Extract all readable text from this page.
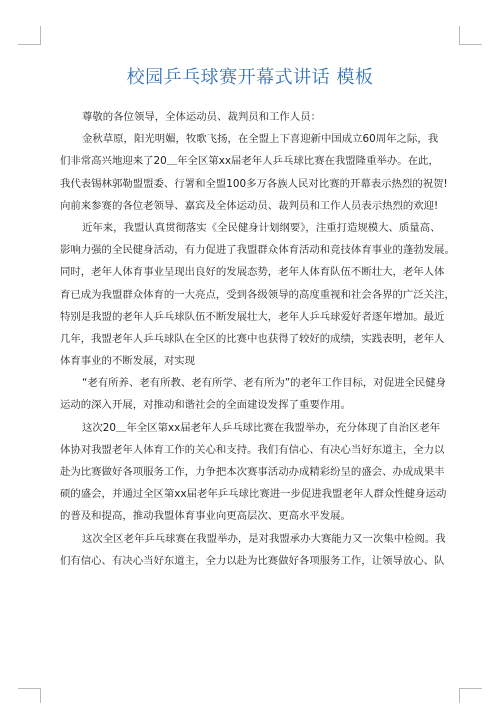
校园乒乓球赛开幕式讲话 模板
尊敬的各位领导，全体运动员、裁判员和工作人员：
金秋草原，阳光明媚，牧歌飞扬，在全盟上下喜迎新中国成立60周年之际，我
们非常高兴地迎来了20＿年全区第xx届老年人乒乓球比赛在我盟隆重举办。在此，
我代表锡林郭勒盟盟委、行署和全盟100多万各族人民对比赛的开幕表示热烈的祝贺!
向前来参赛的各位老领导、嘉宾及全体运动员、裁判员和工作人员表示热烈的欢迎!
近年来，我盟认真贯彻落实《全民健身计划纲要》，注重打造规模大、质量高、
影响力强的全民健身活动，有力促进了我盟群众体育活动和竞技体育事业的蓬勃发展。
同时，老年人体育事业呈现出良好的发展态势，老年人体育队伍不断壮大，老年人体
育已成为我盟群众体育的一大亮点，受到各级领导的高度重视和社会各界的广泛关注，
特别是我盟的老年人乒乓球队伍不断发展壮大，老年人乒乓球爱好者逐年增加。最近
几年，我盟老年人乒乓球队在全区的比赛中也获得了较好的成绩，实践表明，老年人
体育事业的不断发展，对实现
“老有所养、老有所教、老有所学、老有所为”的老年工作目标，对促进全民健身
运动的深入开展，对推动和谐社会的全面建设发挥了重要作用。
这次20＿年全区第xx届老年人乒乓球比赛在我盟举办，充分体现了自治区老年
体协对我盟老年人体育工作的关心和支持。我们有信心、有决心当好东道主，全力以
赴为比赛做好各项服务工作，力争把本次赛事活动办成精彩纷呈的盛会、办成成果丰
硕的盛会，并通过全区第xx届老年乒乓球比赛进一步促进我盟老年人群众性健身运动
的普及和提高，推动我盟体育事业向更高层次、更高水平发展。
这次全区老年乒乓球赛在我盟举办，是对我盟承办大赛能力又一次集中检阅。我
们有信心、有决心当好东道主，全力以赴为比赛做好各项服务工作，让领导放心、队
